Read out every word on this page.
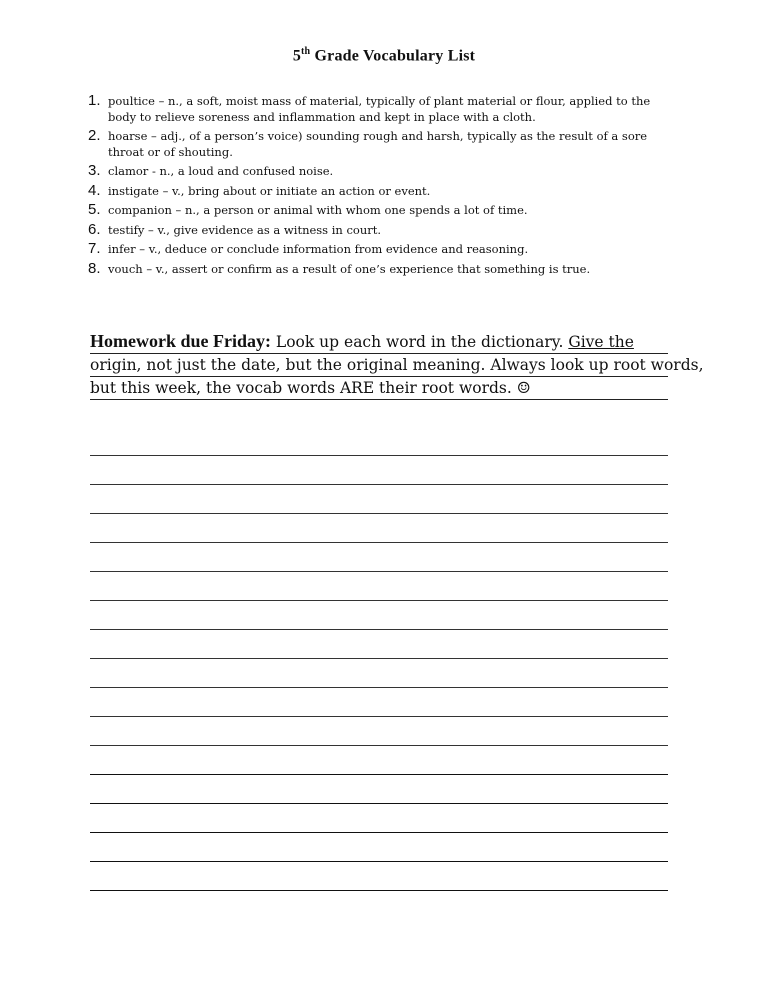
5th Grade Vocabulary List
1. poultice – n., a soft, moist mass of material, typically of plant material or flour, applied to the body to relieve soreness and inflammation and kept in place with a cloth.
2. hoarse – adj., of a person’s voice) sounding rough and harsh, typically as the result of a sore throat or of shouting.
3. clamor - n., a loud and confused noise.
4. instigate – v., bring about or initiate an action or event.
5. companion – n., a person or animal with whom one spends a lot of time.
6. testify – v., give evidence as a witness in court.
7. infer – v., deduce or conclude information from evidence and reasoning.
8. vouch – v., assert or confirm as a result of one’s experience that something is true.
Homework due Friday: Look up each word in the dictionary. Give the
origin, not just the date, but the original meaning. Always look up root words,
but this week, the vocab words ARE their root words. ☺
